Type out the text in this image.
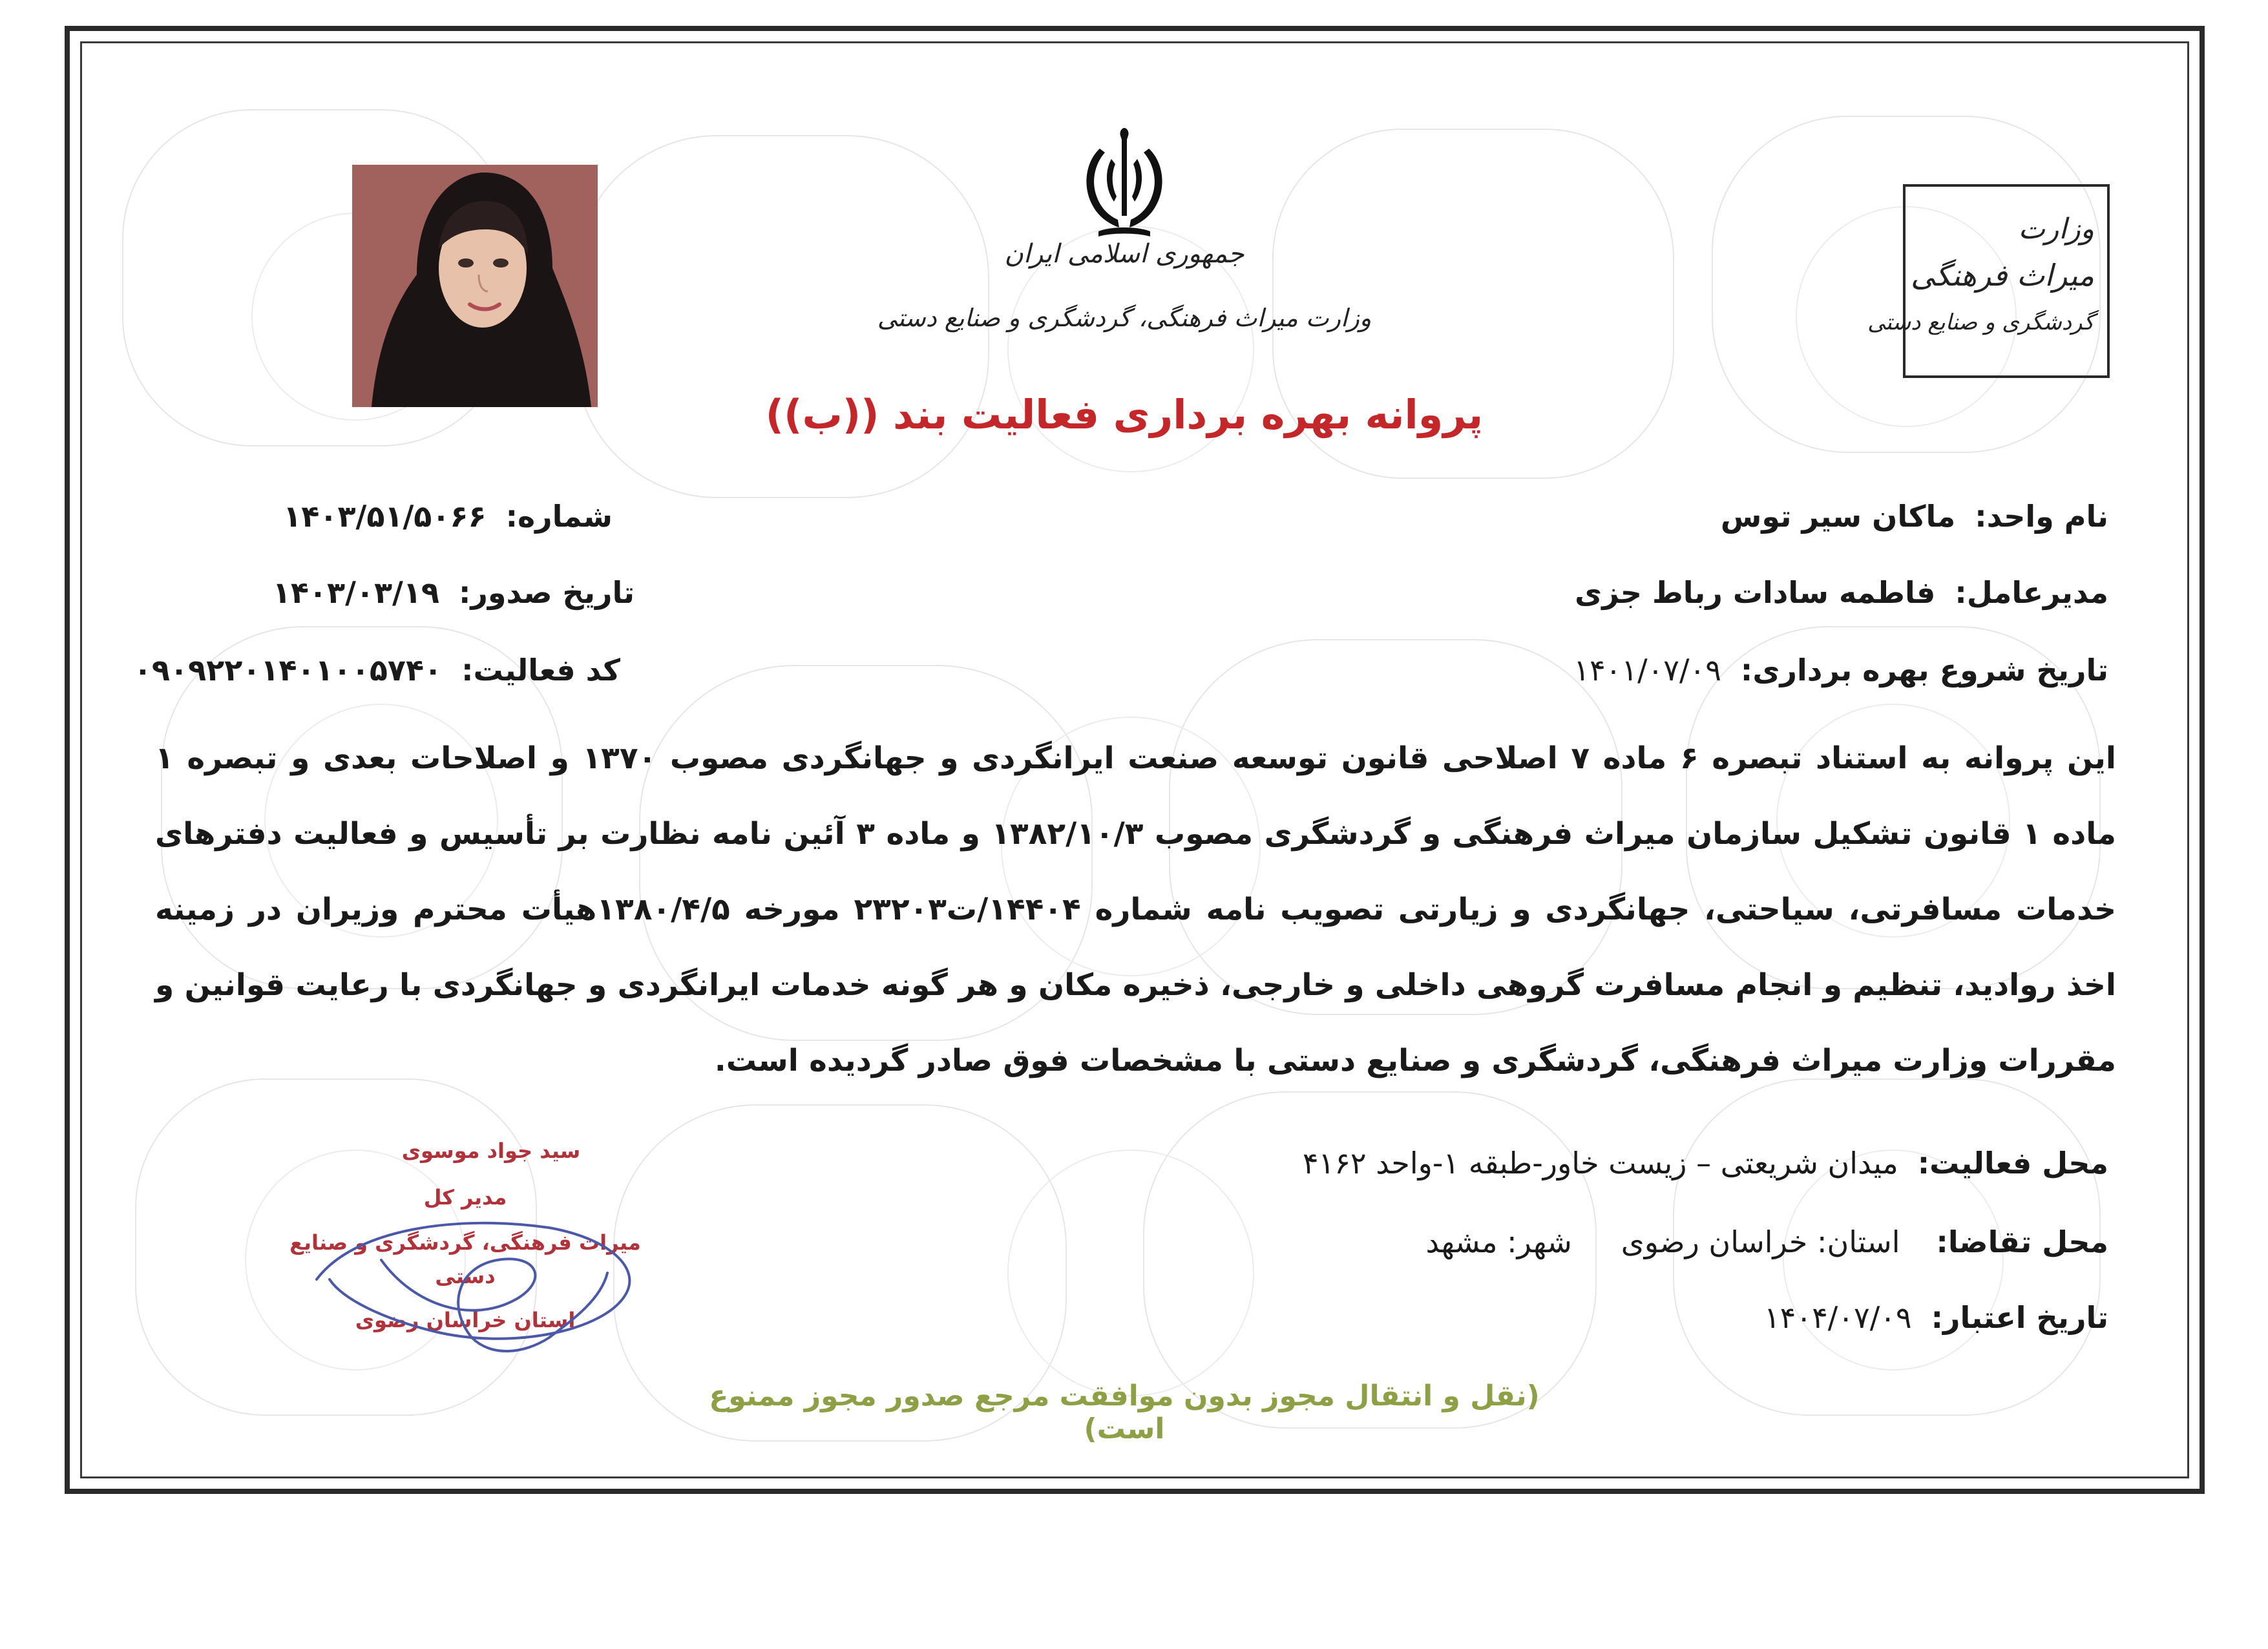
جمهوری اسلامی ایران
وزارت میراث فرهنگی، گردشگری و صنایع دستی
وزارت
میراث فرهنگی
گردشگری و صنایع دستی
پروانه بهره برداری فعالیت بند ((ب))
نام واحد: ماکان سیر توس
مدیرعامل: فاطمه سادات رباط جزی
تاریخ شروع بهره برداری: ۱۴۰۱/۰۷/۰۹
شماره: ۱۴۰۳/۵۱/۵۰۶۶
تاریخ صدور: ۱۴۰۳/۰۳/۱۹
کد فعالیت: ۰۹۰۹۲۲۰۱۴۰۱۰۰۵۷۴۰
این پروانه به استناد تبصره ۶ ماده ۷ اصلاحی قانون توسعه صنعت ایرانگردی و جهانگردی مصوب ۱۳۷۰ و اصلاحات بعدی و تبصره ۱ ماده ۱ قانون تشکیل سازمان میراث فرهنگی و گردشگری مصوب ۱۳۸۲/۱۰/۳ و ماده ۳ آئین نامه نظارت بر تأسیس و فعالیت دفترهای خدمات مسافرتی، سیاحتی، جهانگردی و زیارتی تصویب نامه شماره ۱۴۴۰۴/ت۲۳۲۰۳ مورخه ۱۳۸۰/۴/۵هیأت محترم وزیران در زمینه اخذ روادید، تنظیم و انجام مسافرت گروهی داخلی و خارجی، ذخیره مکان و هر گونه خدمات ایرانگردی و جهانگردی با رعایت قوانین و مقررات وزارت میراث فرهنگی، گردشگری و صنایع دستی با مشخصات فوق صادر گردیده است.
محل فعالیت: میدان شریعتی – زیست خاور-طبقه ۱-واحد ۴۱۶۲
محل تقاضا: استان: خراسان رضوی شهر: مشهد
تاریخ اعتبار: ۱۴۰۴/۰۷/۰۹
سید جواد موسوی
مدیر کل
میراث فرهنگی، گردشگری و صنایع دستی
استان خراسان رضوی
(نقل و انتقال مجوز بدون موافقت مرجع صدور مجوز ممنوع است)
